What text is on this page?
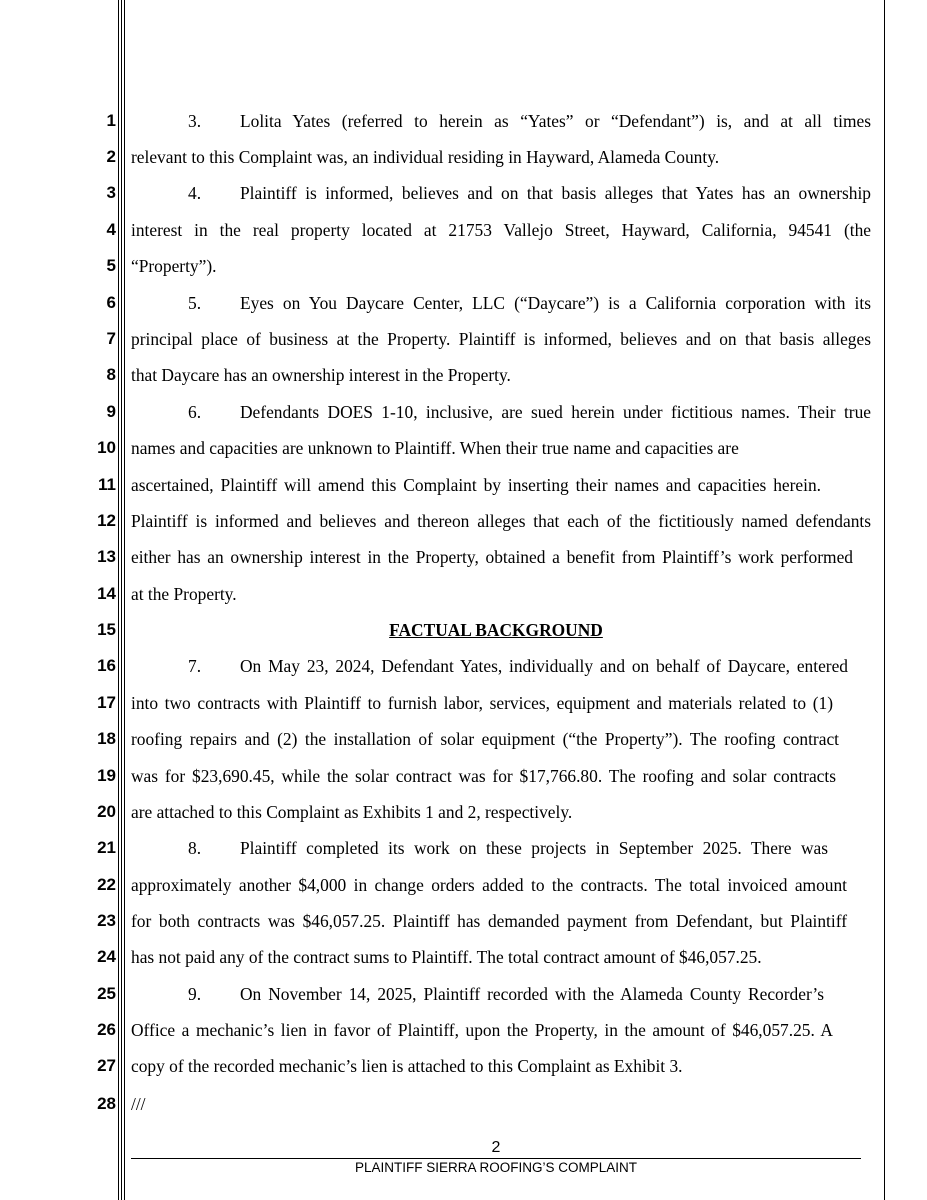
1
2
3
4
5
6
7
8
9
10
11
12
13
14
15
16
17
18
19
20
21
22
23
24
25
26
27
28
3. Lolita Yates (referred to herein as “Yates” or “Defendant”) is, and at all times
relevant to this Complaint was, an individual residing in Hayward, Alameda County.
4. Plaintiff is informed, believes and on that basis alleges that Yates has an ownership
interest in the real property located at 21753 Vallejo Street, Hayward, California, 94541 (the
“Property”).
5. Eyes on You Daycare Center, LLC (“Daycare”) is a California corporation with its
principal place of business at the Property. Plaintiff is informed, believes and on that basis alleges
that Daycare has an ownership interest in the Property.
6. Defendants DOES 1-10, inclusive, are sued herein under fictitious names. Their true
names and capacities are unknown to Plaintiff. When their true name and capacities are
ascertained, Plaintiff will amend this Complaint by inserting their names and capacities herein.
Plaintiff is informed and believes and thereon alleges that each of the fictitiously named defendants
either has an ownership interest in the Property, obtained a benefit from Plaintiff’s work performed
at the Property.
FACTUAL BACKGROUND
7. On May 23, 2024, Defendant Yates, individually and on behalf of Daycare, entered
into two contracts with Plaintiff to furnish labor, services, equipment and materials related to (1)
roofing repairs and (2) the installation of solar equipment (“the Property”). The roofing contract
was for $23,690.45, while the solar contract was for $17,766.80. The roofing and solar contracts
are attached to this Complaint as Exhibits 1 and 2, respectively.
8. Plaintiff completed its work on these projects in September 2025. There was
approximately another $4,000 in change orders added to the contracts. The total invoiced amount
for both contracts was $46,057.25. Plaintiff has demanded payment from Defendant, but Plaintiff
has not paid any of the contract sums to Plaintiff. The total contract amount of $46,057.25.
9. On November 14, 2025, Plaintiff recorded with the Alameda County Recorder’s
Office a mechanic’s lien in favor of Plaintiff, upon the Property, in the amount of $46,057.25. A
copy of the recorded mechanic’s lien is attached to this Complaint as Exhibit 3.
///
2
PLAINTIFF SIERRA ROOFING’S COMPLAINT
